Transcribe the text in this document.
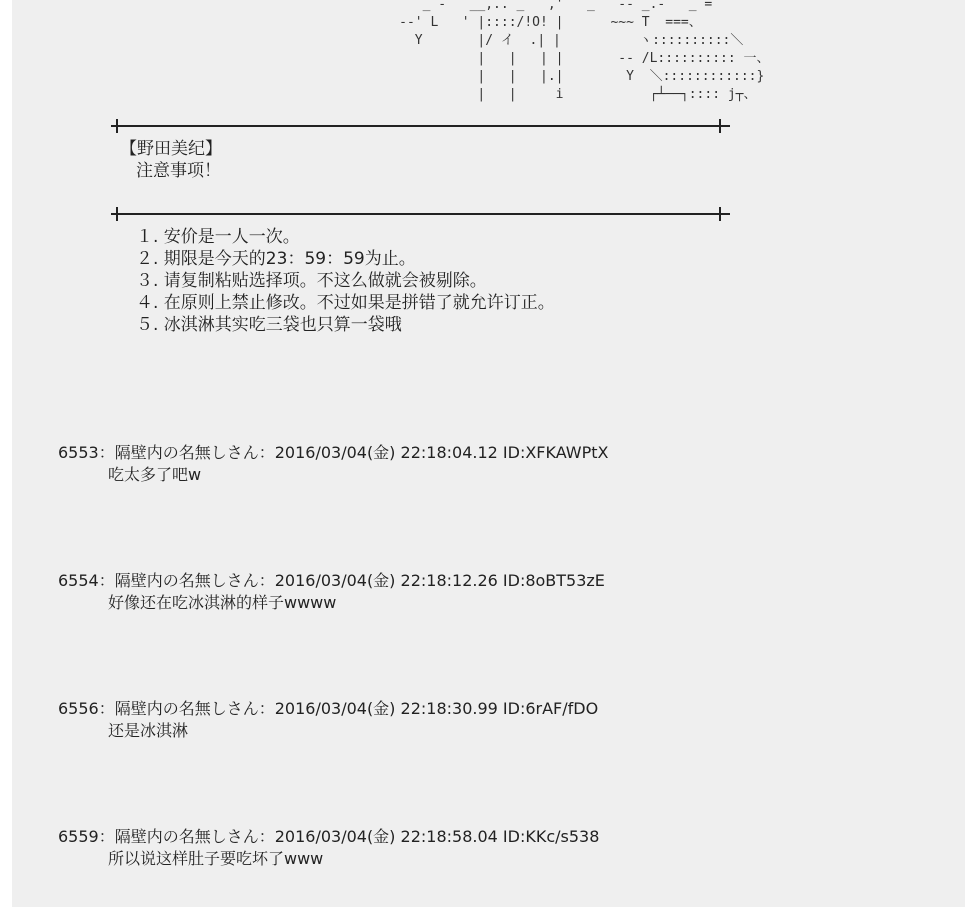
_ -   __,.. _   ,'   _   -- _.-   _ =
--' L   ' |::::/!O! |      ~~~ T  ===、
Y       |/ イ  .| |          ヽ::::::::::＼
|   |   | |       -- /L:::::::::: 一、
|   |   |.|        Y  ＼::::::::::::}
|   |     i           ┌┴──┐:::: j┬、
【野田美纪】
注意事项！
１. 安价是一人一次。
２. 期限是今天的23：59：59为止。
３. 请复制粘贴选择项。不这么做就会被剔除。
４. 在原则上禁止修改。不过如果是拼错了就允许订正。
５. 冰淇淋其实吃三袋也只算一袋哦
6553：隔壁内の名無しさん：2016/03/04(金) 22:18:04.12 ID:XFKAWPtX
吃太多了吧w
6554：隔壁内の名無しさん：2016/03/04(金) 22:18:12.26 ID:8oBT53zE
好像还在吃冰淇淋的样子wwww
6556：隔壁内の名無しさん：2016/03/04(金) 22:18:30.99 ID:6rAF/fDO
还是冰淇淋
6559：隔壁内の名無しさん：2016/03/04(金) 22:18:58.04 ID:KKc/s538
所以说这样肚子要吃坏了www
